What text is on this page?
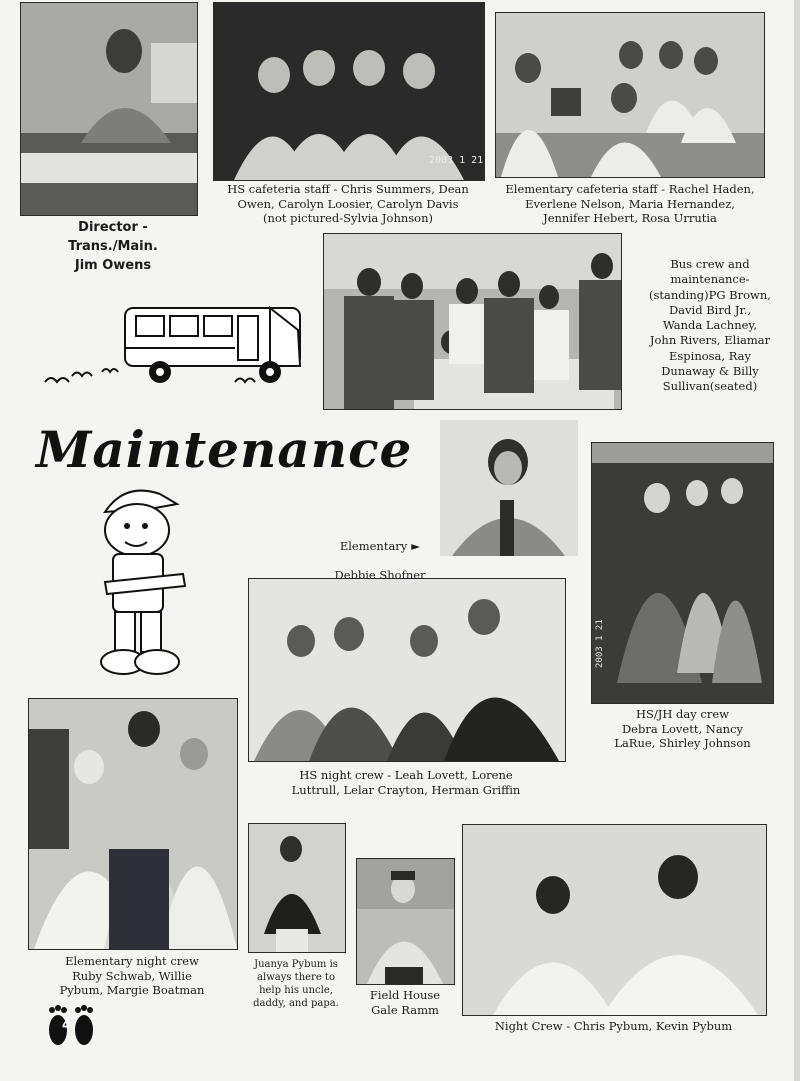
2003 1 21
2003 1 21
4
Director -
Trans./Main.
Jim Owens
Maintenance
HS cafeteria staff - Chris Summers, Dean
Owen, Carolyn Loosier, Carolyn Davis
(not pictured-Sylvia Johnson)
Elementary cafeteria staff - Rachel Haden,
Everlene Nelson, Maria Hernandez,
Jennifer Hebert, Rosa Urrutia
Bus crew and
maintenance-
(standing)PG Brown,
David Bird Jr.,
Wanda Lachney,
John Rivers, Eliamar
Espinosa, Ray
Dunaway & Billy
Sullivan(seated)

Elementary ►

Debbie Shofner

HS night crew - Leah Lovett, Lorene
Luttrull, Lelar Crayton, Herman Griffin
HS/JH day crew
Debra Lovett, Nancy
LaRue, Shirley Johnson
Elementary night crew
Ruby Schwab, Willie
Pybum, Margie Boatman
Juanya Pybum is
always there to
help his uncle,
daddy, and papa.
Field House
Gale Ramm
Night Crew - Chris Pybum, Kevin Pybum
